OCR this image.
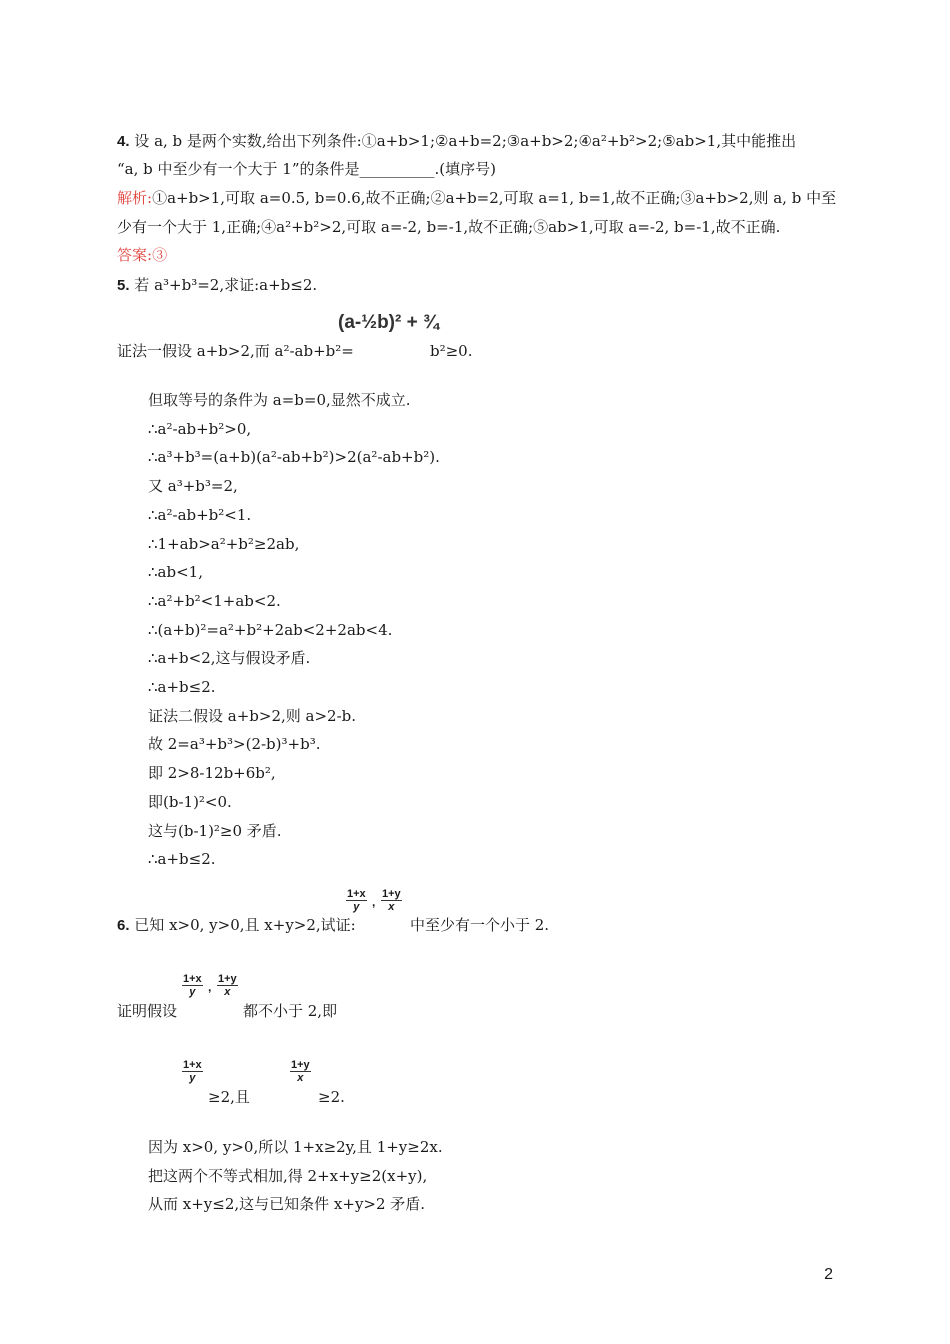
4. 设 a, b 是两个实数,给出下列条件:①a+b>1;②a+b=2;③a+b>2;④a²+b²>2;⑤ab>1,其中能推出
“a, b 中至少有一个大于 1”的条件是__________.(填序号)
解析:①a+b>1,可取 a=0.5, b=0.6,故不正确;②a+b=2,可取 a=1, b=1,故不正确;③a+b>2,则 a, b 中至
少有一个大于 1,正确;④a²+b²>2,可取 a=-2, b=-1,故不正确;⑤ab>1,可取 a=-2, b=-1,故不正确.
答案:③
5. 若 a³+b³=2,求证:a+b≤2.
证法一假设 a+b>2,而 a²-ab+b²=
(a-½b)² + ¾
b²≥0.
但取等号的条件为 a=b=0,显然不成立.
∴a²-ab+b²>0,
∴a³+b³=(a+b)(a²-ab+b²)>2(a²-ab+b²).
又 a³+b³=2,
∴a²-ab+b²<1.
∴1+ab>a²+b²≥2ab,
∴ab<1,
∴a²+b²<1+ab<2.
∴(a+b)²=a²+b²+2ab<2+2ab<4.
∴a+b<2,这与假设矛盾.
∴a+b≤2.
证法二假设 a+b>2,则 a>2-b.
故 2=a³+b³>(2-b)³+b³.
即 2>8-12b+6b²,
即(b-1)²<0.
这与(b-1)²≥0 矛盾.
∴a+b≤2.
6. 已知 x>0, y>0,且 x+y>2,试证:
$\frac{1+x}{y}$ , $\frac{1+y}{x}$
中至少有一个小于 2.
证明假设
$\frac{1+x}{y}$ , $\frac{1+y}{x}$
都不小于 2,即
$\frac{1+x}{y}$
≥2,且
$\frac{1+y}{x}$
≥2.
因为 x>0, y>0,所以 1+x≥2y,且 1+y≥2x.
把这两个不等式相加,得 2+x+y≥2(x+y),
从而 x+y≤2,这与已知条件 x+y>2 矛盾.
2
